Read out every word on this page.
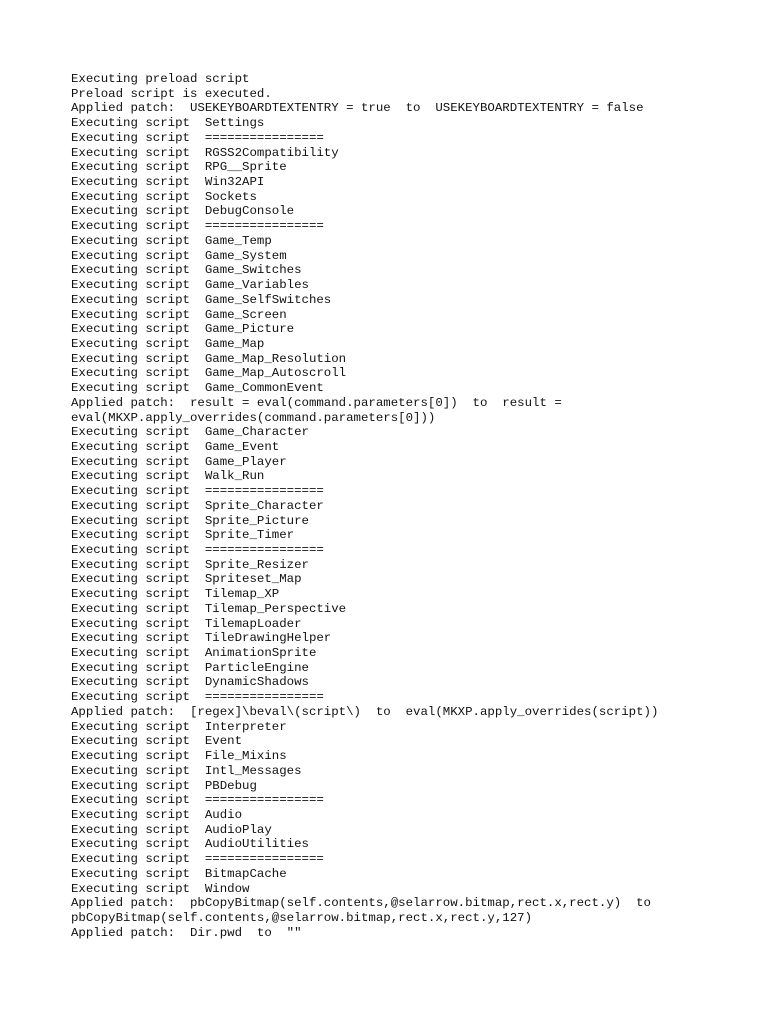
Executing preload script
Preload script is executed.
Applied patch:  USEKEYBOARDTEXTENTRY = true  to  USEKEYBOARDTEXTENTRY = false
Executing script  Settings
Executing script  ================
Executing script  RGSS2Compatibility
Executing script  RPG__Sprite
Executing script  Win32API
Executing script  Sockets
Executing script  DebugConsole
Executing script  ================
Executing script  Game_Temp
Executing script  Game_System
Executing script  Game_Switches
Executing script  Game_Variables
Executing script  Game_SelfSwitches
Executing script  Game_Screen
Executing script  Game_Picture
Executing script  Game_Map
Executing script  Game_Map_Resolution
Executing script  Game_Map_Autoscroll
Executing script  Game_CommonEvent
Applied patch:  result = eval(command.parameters[0])  to  result =
eval(MKXP.apply_overrides(command.parameters[0]))
Executing script  Game_Character
Executing script  Game_Event
Executing script  Game_Player
Executing script  Walk_Run
Executing script  ================
Executing script  Sprite_Character
Executing script  Sprite_Picture
Executing script  Sprite_Timer
Executing script  ================
Executing script  Sprite_Resizer
Executing script  Spriteset_Map
Executing script  Tilemap_XP
Executing script  Tilemap_Perspective
Executing script  TilemapLoader
Executing script  TileDrawingHelper
Executing script  AnimationSprite
Executing script  ParticleEngine
Executing script  DynamicShadows
Executing script  ================
Applied patch:  [regex]\beval\(script\)  to  eval(MKXP.apply_overrides(script))
Executing script  Interpreter
Executing script  Event
Executing script  File_Mixins
Executing script  Intl_Messages
Executing script  PBDebug
Executing script  ================
Executing script  Audio
Executing script  AudioPlay
Executing script  AudioUtilities
Executing script  ================
Executing script  BitmapCache
Executing script  Window
Applied patch:  pbCopyBitmap(self.contents,@selarrow.bitmap,rect.x,rect.y)  to
pbCopyBitmap(self.contents,@selarrow.bitmap,rect.x,rect.y,127)
Applied patch:  Dir.pwd  to  ""
